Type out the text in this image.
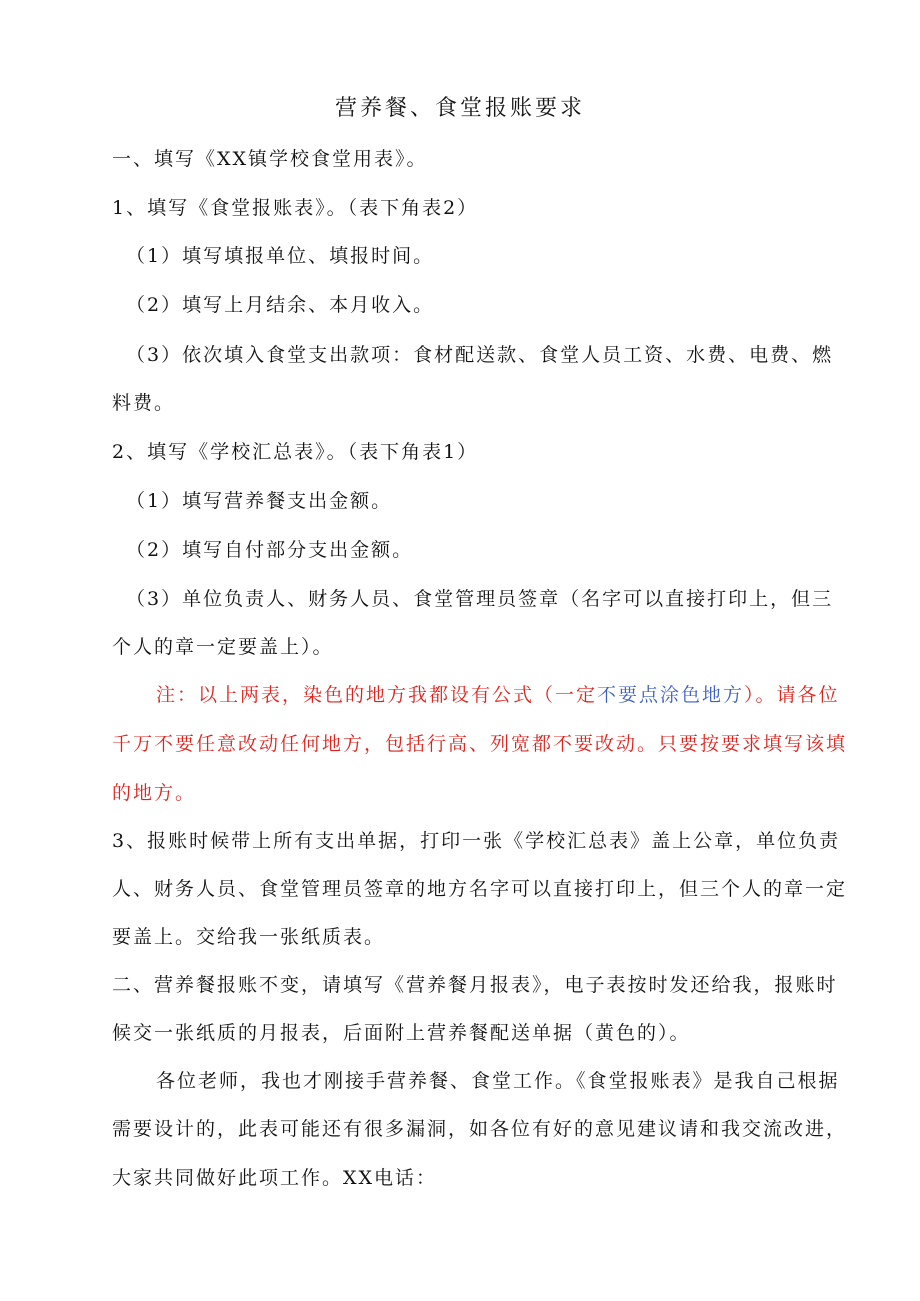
营养餐、食堂报账要求
一、填写《XX镇学校食堂用表》。
1、填写《食堂报账表》。（表下角表2）
（1）填写填报单位、填报时间。
（2）填写上月结余、本月收入。
（3）依次填入食堂支出款项：食材配送款、食堂人员工资、水费、电费、燃
料费。
2、填写《学校汇总表》。（表下角表1）
（1）填写营养餐支出金额。
（2）填写自付部分支出金额。
（3）单位负责人、财务人员、食堂管理员签章（名字可以直接打印上，但三
个人的章一定要盖上）。
注：以上两表，染色的地方我都设有公式（一定不要点涂色地方）。请各位
千万不要任意改动任何地方，包括行高、列宽都不要改动。只要按要求填写该填
的地方。
3、报账时候带上所有支出单据，打印一张《学校汇总表》盖上公章，单位负责
人、财务人员、食堂管理员签章的地方名字可以直接打印上，但三个人的章一定
要盖上。交给我一张纸质表。
二、营养餐报账不变，请填写《营养餐月报表》，电子表按时发还给我，报账时
候交一张纸质的月报表，后面附上营养餐配送单据（黄色的）。
各位老师，我也才刚接手营养餐、食堂工作。《食堂报账表》是我自己根据
需要设计的，此表可能还有很多漏洞，如各位有好的意见建议请和我交流改进，
大家共同做好此项工作。XX电话：
